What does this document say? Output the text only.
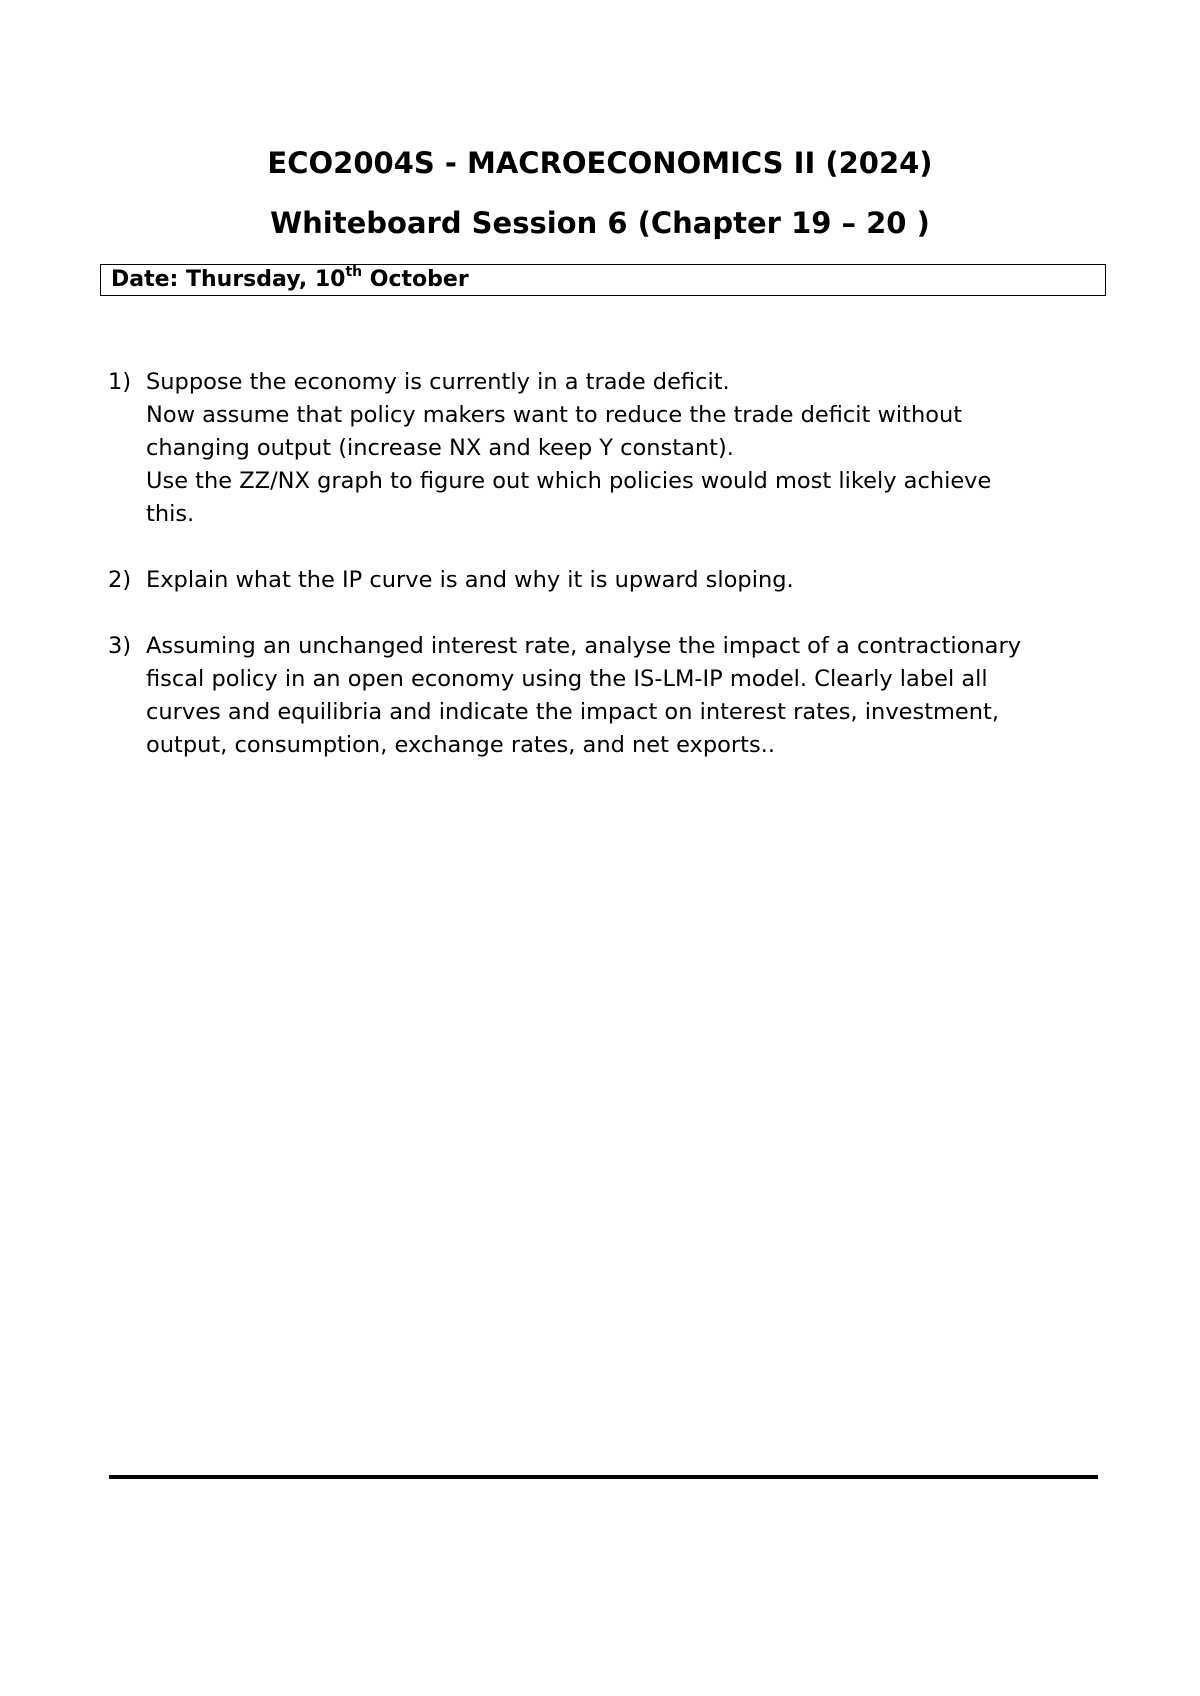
ECO2004S - MACROECONOMICS II (2024)
Whiteboard Session 6 (Chapter 19 – 20 )
Date: Thursday, 10th October
1) Suppose the economy is currently in a trade deficit.
Now assume that policy makers want to reduce the trade deficit without
changing output (increase NX and keep Y constant).
Use the ZZ/NX graph to figure out which policies would most likely achieve
this.
2) Explain what the IP curve is and why it is upward sloping.
3) Assuming an unchanged interest rate, analyse the impact of a contractionary
fiscal policy in an open economy using the IS-LM-IP model. Clearly label all
curves and equilibria and indicate the impact on interest rates, investment,
output, consumption, exchange rates, and net exports..
